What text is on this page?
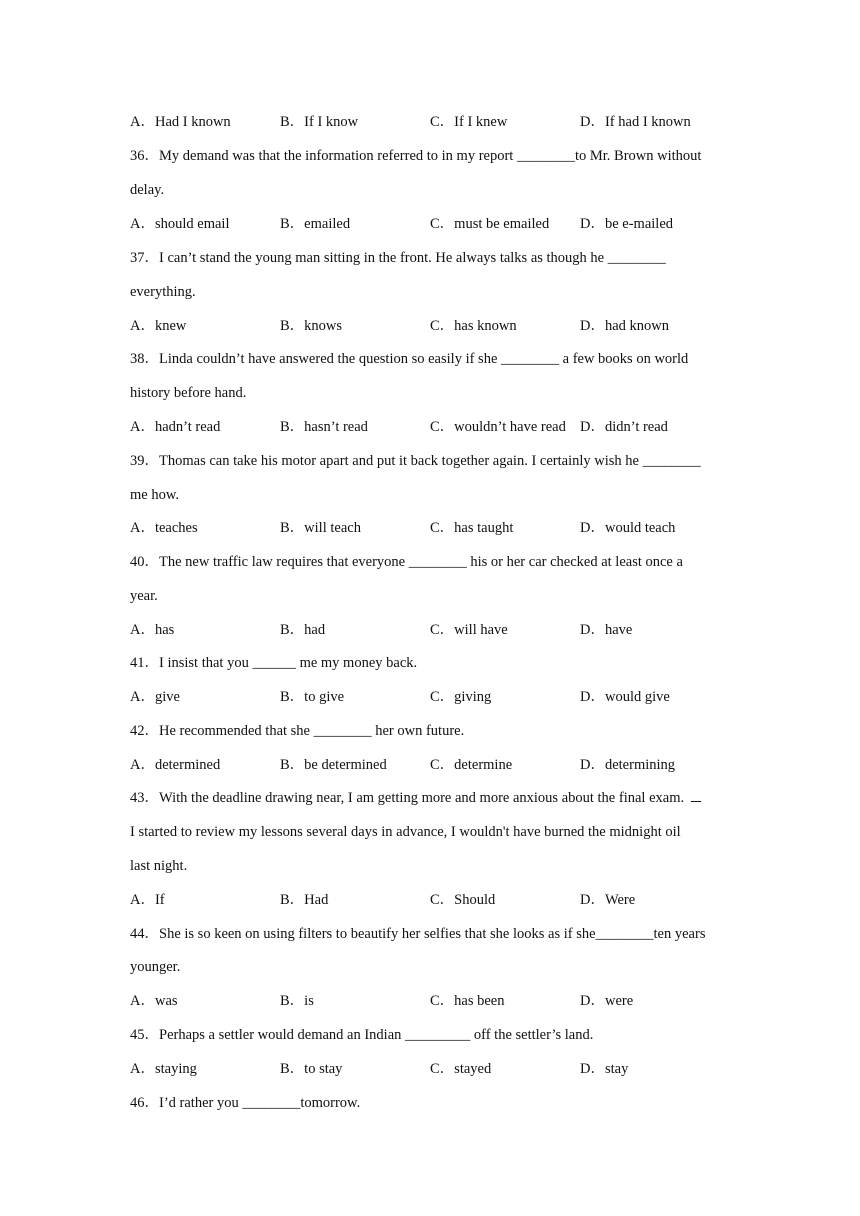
A．Had I known	B．If I know	C．If I knew	D．If had I known
36．My demand was that the information referred to in my report ________to Mr. Brown without
delay.
A．should email	B．emailed	C．must be emailed D．be e-mailed
37．I can’t stand the young man sitting in the front. He always talks as though he ________
everything.
A．knew	B．knows	C．has known	D．had known
38．Linda couldn’t have answered the question so easily if she ________ a few books on world
history before hand.
A．hadn’t read	B．hasn’t read	C．wouldn’t have read D．didn’t read
39．Thomas can take his motor apart and put it back together again. I certainly wish he ________
me how.
A．teaches	B．will teach	C．has taught	D．would teach
40．The new traffic law requires that everyone ________ his or her car checked at least once a
year.
A．has	B．had	C．will have	D．have
41．I insist that you ______ me my money back.
A．give	B．to give	C．giving	D．would give
42．He recommended that she ________ her own future.
A．determined	B．be determined	C．determine	D．determining
43．With the deadline drawing near, I am getting more and more anxious about the final exam.
I started to review my lessons several days in advance, I wouldn't have burned the midnight oil
last night.
A．If	B．Had	C．Should	D．Were
44．She is so keen on using filters to beautify her selfies that she looks as if she________ten years
younger.
A．was	B．is	C．has been	D．were
45．Perhaps a settler would demand an Indian _________ off the settler’s land.
A．staying	B．to stay	C．stayed	D．stay
46．I’d rather you ________tomorrow.
